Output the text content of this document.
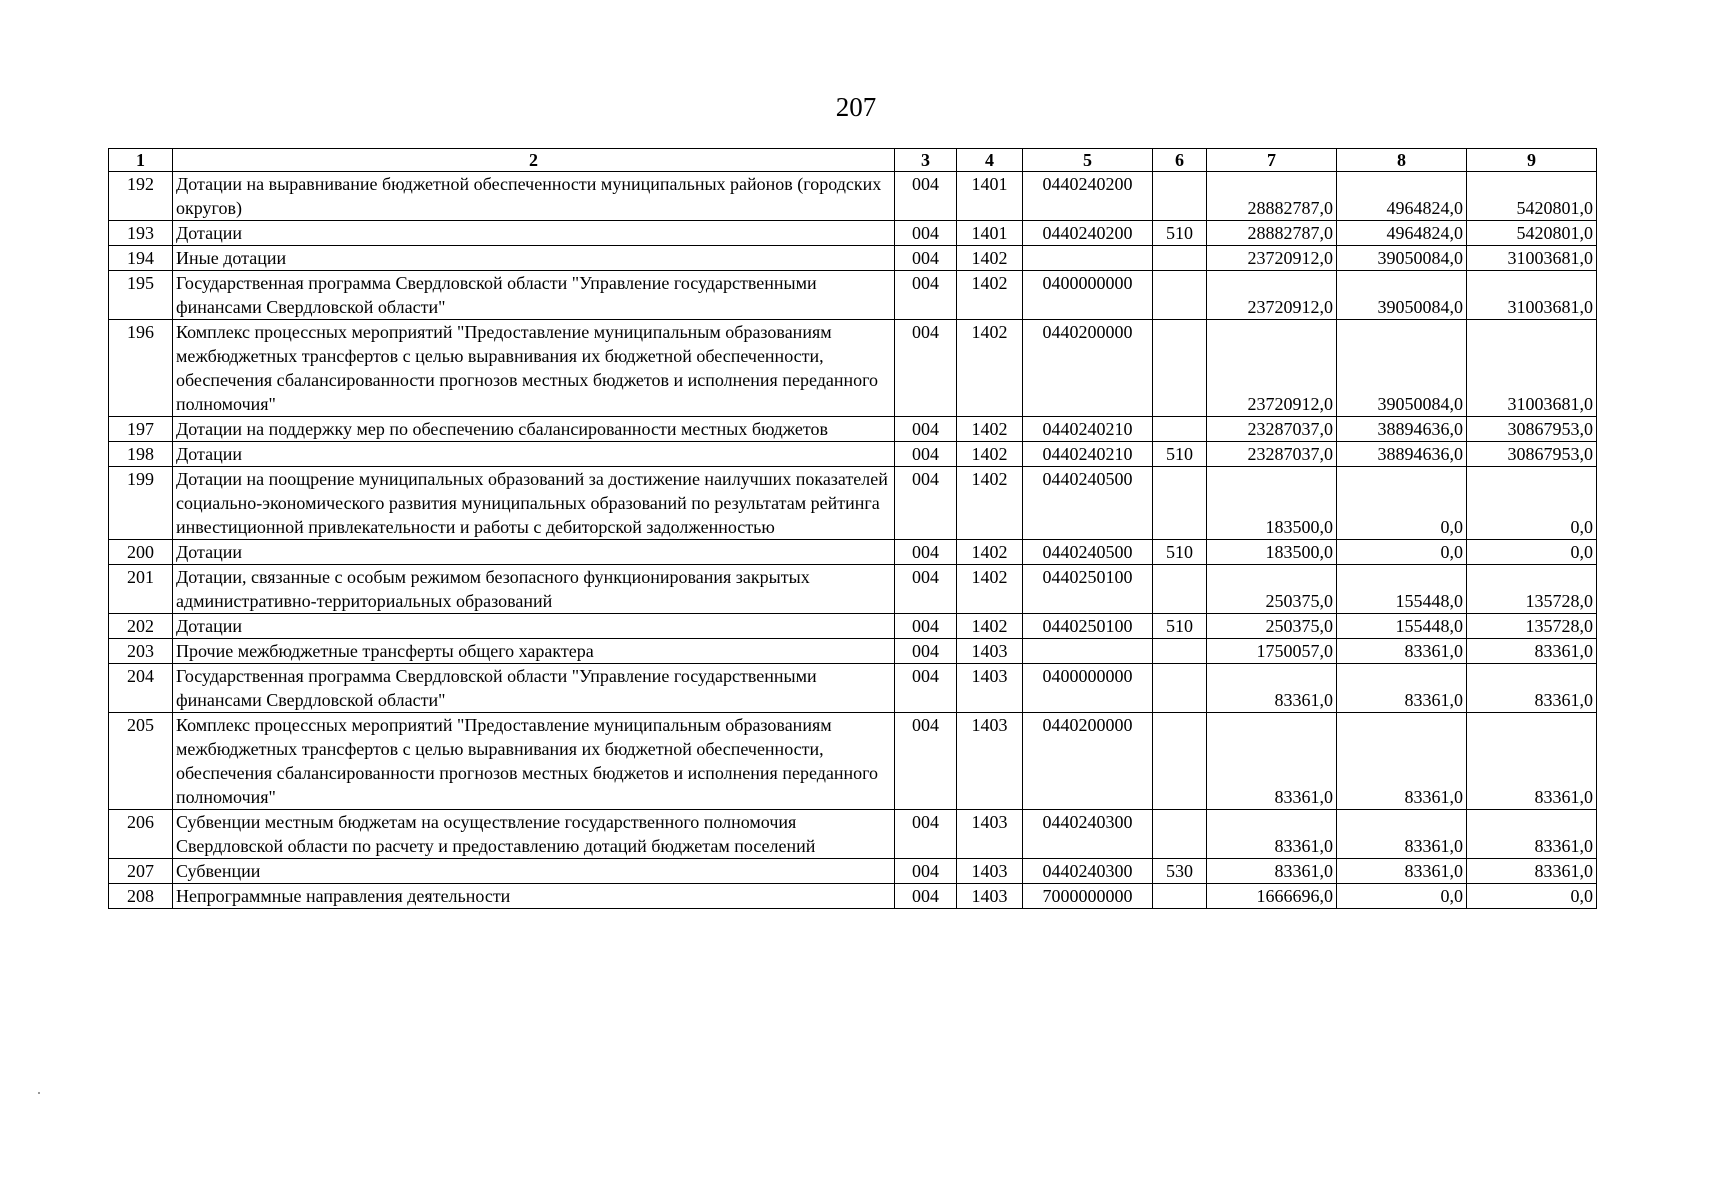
207
1	2	3	4	5	6	7	8	9
192	Дотации на выравнивание бюджетной обеспеченности муниципальных районов (городских округов)	004	1401	0440240200		28882787,0	4964824,0	5420801,0
193	Дотации	004	1401	0440240200	510	28882787,0	4964824,0	5420801,0
194	Иные дотации	004	1402			23720912,0	39050084,0	31003681,0
195	Государственная программа Свердловской области "Управление государственными финансами Свердловской области"	004	1402	0400000000		23720912,0	39050084,0	31003681,0
196	Комплекс процессных мероприятий "Предоставление муниципальным образованиям межбюджетных трансфертов с целью выравнивания их бюджетной обеспеченности, обеспечения сбалансированности прогнозов местных бюджетов и исполнения переданного полномочия"	004	1402	0440200000		23720912,0	39050084,0	31003681,0
197	Дотации на поддержку мер по обеспечению сбалансированности местных бюджетов	004	1402	0440240210		23287037,0	38894636,0	30867953,0
198	Дотации	004	1402	0440240210	510	23287037,0	38894636,0	30867953,0
199	Дотации на поощрение муниципальных образований за достижение наилучших показателей социально-экономического развития муниципальных образований по результатам рейтинга инвестиционной привлекательности и работы с дебиторской задолженностью	004	1402	0440240500		183500,0	0,0	0,0
200	Дотации	004	1402	0440240500	510	183500,0	0,0	0,0
201	Дотации, связанные с особым режимом безопасного функционирования закрытых административно-территориальных образований	004	1402	0440250100		250375,0	155448,0	135728,0
202	Дотации	004	1402	0440250100	510	250375,0	155448,0	135728,0
203	Прочие межбюджетные трансферты общего характера	004	1403			1750057,0	83361,0	83361,0
204	Государственная программа Свердловской области "Управление государственными финансами Свердловской области"	004	1403	0400000000		83361,0	83361,0	83361,0
205	Комплекс процессных мероприятий "Предоставление муниципальным образованиям межбюджетных трансфертов с целью выравнивания их бюджетной обеспеченности, обеспечения сбалансированности прогнозов местных бюджетов и исполнения переданного полномочия"	004	1403	0440200000		83361,0	83361,0	83361,0
206	Субвенции местным бюджетам на осуществление государственного полномочия Свердловской области по расчету и предоставлению дотаций бюджетам поселений	004	1403	0440240300		83361,0	83361,0	83361,0
207	Субвенции	004	1403	0440240300	530	83361,0	83361,0	83361,0
208	Непрограммные направления деятельности	004	1403	7000000000		1666696,0	0,0	0,0
